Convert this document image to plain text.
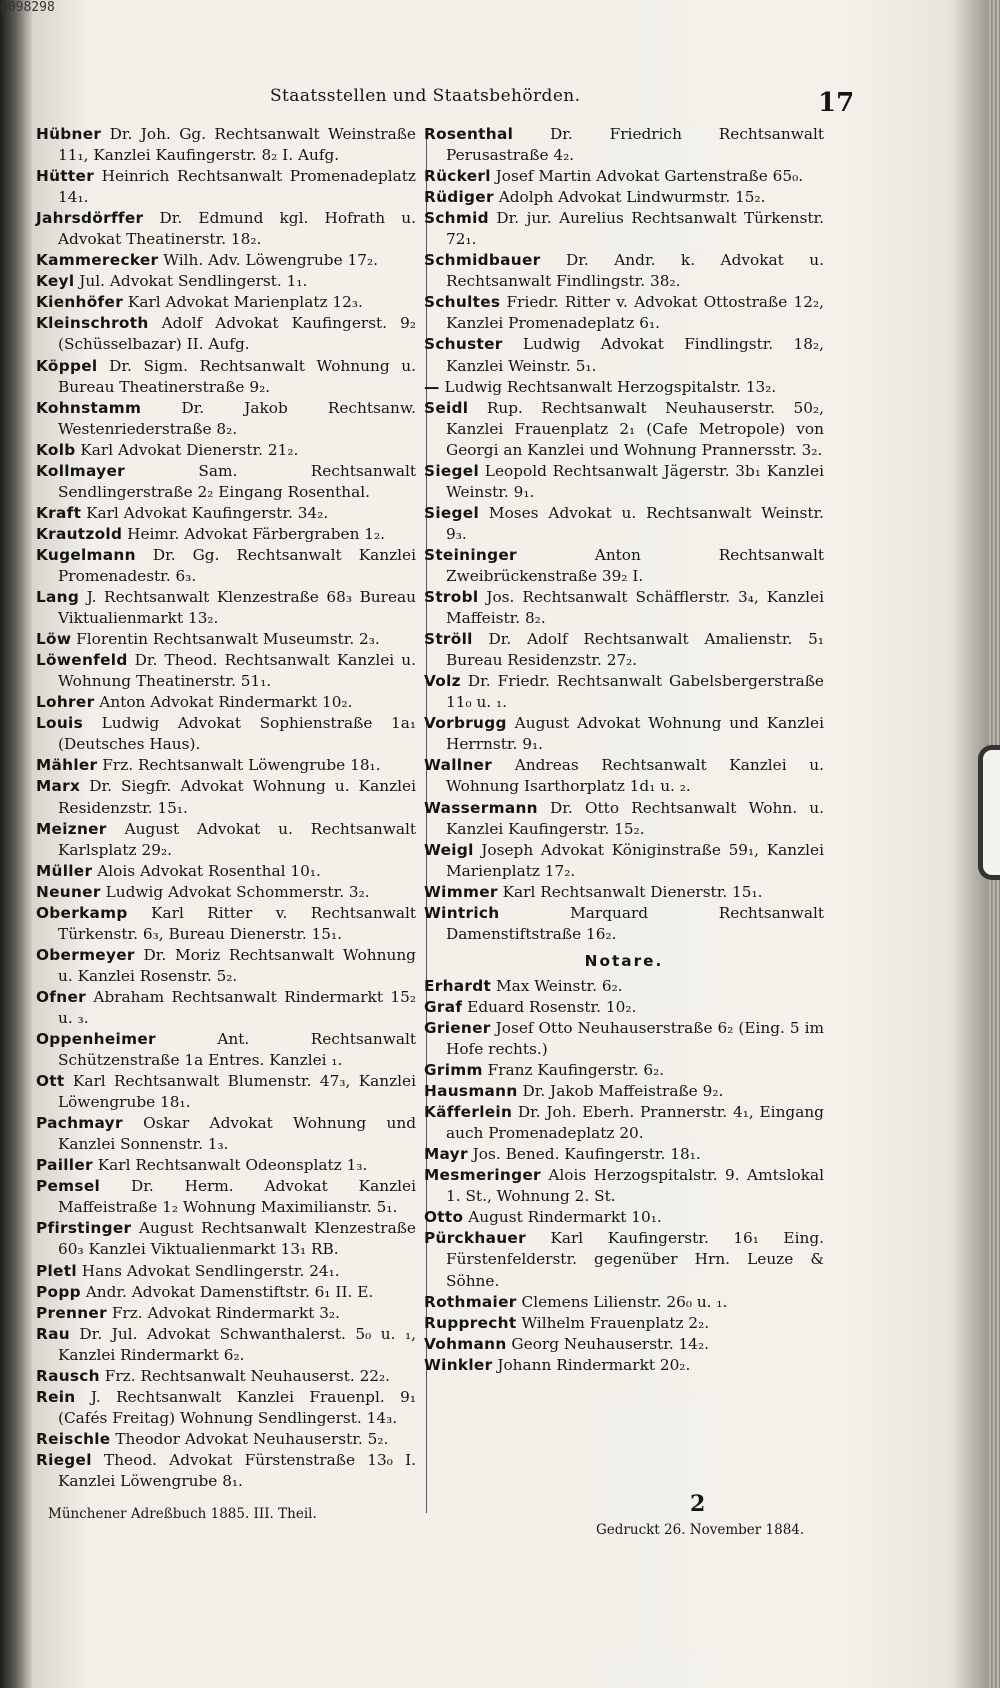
0098298
Staatsstellen und Staatsbehörden.	17

Hübner Dr. Joh. Gg. Rechtsanwalt Weinstraße 11₁, Kanzlei Kaufingerstr. 8₂ I. Aufg.

Hütter Heinrich Rechtsanwalt Promenadeplatz 14₁.

Jahrsdörffer Dr. Edmund kgl. Hofrath u. Advokat Theatinerstr. 18₂.

Kammerecker Wilh. Adv. Löwengrube 17₂.

Keyl Jul. Advokat Sendlingerst. 1₁.

Kienhöfer Karl Advokat Marienplatz 12₃.

Kleinschroth Adolf Advokat Kaufingerst. 9₂ (Schüsselbazar) II. Aufg.

Köppel Dr. Sigm. Rechtsanwalt Wohnung u. Bureau Theatinerstraße 9₂.

Kohnstamm	Dr. Jakob Rechtsanw. Westenriederstraße 8₂.

Kolb Karl Advokat Dienerstr. 21₂.

Kollmayer	Sam. Rechtsanwalt Sendlingerstraße 2₂ Eingang Rosenthal.

Kraft Karl Advokat Kaufingerstr. 34₂.

Krautzold Heimr. Advokat Färbergraben 1₂.

Kugelmann Dr. Gg. Rechtsanwalt Kanzlei Promenadestr. 6₃.

Lang J. Rechtsanwalt Klenzestraße 68₃ Bureau Viktualienmarkt 13₂.

Löw Florentin Rechtsanwalt Museumstr. 2₃.

Löwenfeld Dr. Theod. Rechtsanwalt Kanzlei u. Wohnung Theatinerstr. 51₁.

Lohrer Anton Advokat Rindermarkt 10₂.

Louis Ludwig Advokat Sophienstraße 1a₁ (Deutsches Haus).

Mähler Frz. Rechtsanwalt Löwengrube 18₁.

Marx Dr. Siegfr. Advokat Wohnung u. Kanzlei Residenzstr. 15₁.

Meizner August Advokat u. Rechtsanwalt Karlsplatz 29₂.

Müller Alois Advokat Rosenthal 10₁.

Neuner Ludwig Advokat Schommerstr. 3₂.

Oberkamp Karl Ritter v. Rechtsanwalt Türkenstr. 6₃, Bureau Dienerstr. 15₁.

Obermeyer Dr. Moriz Rechtsanwalt Wohnung u. Kanzlei Rosenstr. 5₂.

Ofner Abraham Rechtsanwalt Rindermarkt 15₂ u. ₃.

Oppenheimer	Ant. Rechtsanwalt Schützenstraße 1a Entres. Kanzlei ₁.

Ott Karl Rechtsanwalt Blumenstr. 47₃, Kanzlei Löwengrube 18₁.

Pachmayr Oskar Advokat Wohnung und Kanzlei Sonnenstr. 1₃.

Pailler Karl Rechtsanwalt Odeonsplatz 1₃.

Pemsel Dr. Herm. Advokat Kanzlei Maffeistraße 1₂ Wohnung Maximilianstr. 5₁.

Pfirstinger August Rechtsanwalt Klenzestraße 60₃ Kanzlei Viktualienmarkt 13₁ RB.

Pletl Hans Advokat Sendlingerstr. 24₁.

Popp Andr. Advokat Damenstiftstr. 6₁ II. E.

Prenner Frz. Advokat Rindermarkt 3₂.

Rau Dr. Jul. Advokat Schwanthalerst. 5₀ u. ₁, Kanzlei Rindermarkt 6₂.

Rausch Frz. Rechtsanwalt Neuhauserst. 22₂.

Rein J. Rechtsanwalt Kanzlei Frauenpl. 9₁ (Cafés Freitag) Wohnung Sendlingerst. 14₃.

Reischle Theodor Advokat Neuhauserstr. 5₂.

Riegel Theod. Advokat Fürstenstraße 13₀ I. Kanzlei Löwengrube 8₁.

Rosenthal Dr. Friedrich Rechtsanwalt Perusastraße 4₂.

Rückerl Josef Martin Advokat Gartenstraße 65₀.

Rüdiger Adolph Advokat Lindwurmstr. 15₂.

Schmid Dr. jur. Aurelius Rechtsanwalt Türkenstr. 72₁.

Schmidbauer Dr. Andr. k. Advokat u. Rechtsanwalt Findlingstr. 38₂.

Schultes Friedr. Ritter v. Advokat Ottostraße 12₂, Kanzlei Promenadeplatz 6₁.

Schuster Ludwig Advokat Findlingstr. 18₂, Kanzlei Weinstr. 5₁.

— Ludwig Rechtsanwalt Herzogspitalstr. 13₂.

Seidl Rup. Rechtsanwalt Neuhauserstr. 50₂, Kanzlei Frauenplatz 2₁ (Cafe Metropole) von Georgi an Kanzlei und Wohnung Prannersstr. 3₂.

Siegel Leopold Rechtsanwalt Jägerstr. 3b₁ Kanzlei Weinstr. 9₁.

Siegel Moses Advokat u. Rechtsanwalt Weinstr. 9₃.

Steininger	Anton Rechtsanwalt Zweibrückenstraße 39₂ I.

Strobl Jos. Rechtsanwalt Schäfflerstr. 3₄, Kanzlei Maffeistr. 8₂.

Ströll Dr. Adolf Rechtsanwalt Amalienstr. 5₁ Bureau Residenzstr. 27₂.

Volz Dr. Friedr. Rechtsanwalt Gabelsbergerstraße 11₀ u. ₁.

Vorbrugg August Advokat Wohnung und Kanzlei Herrnstr. 9₁.

Wallner Andreas Rechtsanwalt Kanzlei u. Wohnung Isarthorplatz 1d₁ u. ₂.

Wassermann Dr. Otto Rechtsanwalt Wohn. u. Kanzlei Kaufingerstr. 15₂.

Weigl Joseph Advokat Königinstraße 59₁, Kanzlei Marienplatz 17₂.

Wimmer Karl Rechtsanwalt Dienerstr. 15₁.

Wintrich	Marquard Rechtsanwalt Damenstiftstraße 16₂.

Notare.

Erhardt Max Weinstr. 6₂.

Graf Eduard Rosenstr. 10₂.

Griener Josef Otto Neuhauserstraße 6₂ (Eing. 5 im Hofe rechts.)

Grimm Franz Kaufingerstr. 6₂.

Hausmann Dr. Jakob Maffeistraße 9₂.

Käfferlein Dr. Joh. Eberh. Prannerstr. 4₁, Eingang auch Promenadeplatz 20.

Mayr Jos. Bened. Kaufingerstr. 18₁.

Mesmeringer Alois Herzogspitalstr. 9. Amtslokal 1. St., Wohnung 2. St.

Otto August Rindermarkt 10₁.

Pürckhauer Karl Kaufingerstr. 16₁ Eing. Fürstenfelderstr. gegenüber Hrn. Leuze & Söhne.

Rothmaier Clemens Lilienstr. 26₀ u. ₁.

Rupprecht Wilhelm Frauenplatz 2₂.

Vohmann Georg Neuhauserstr. 14₂.

Winkler Johann Rindermarkt 20₂.

Münchener Adreßbuch 1885. III. Theil.	2
Gedruckt 26. November 1884.
